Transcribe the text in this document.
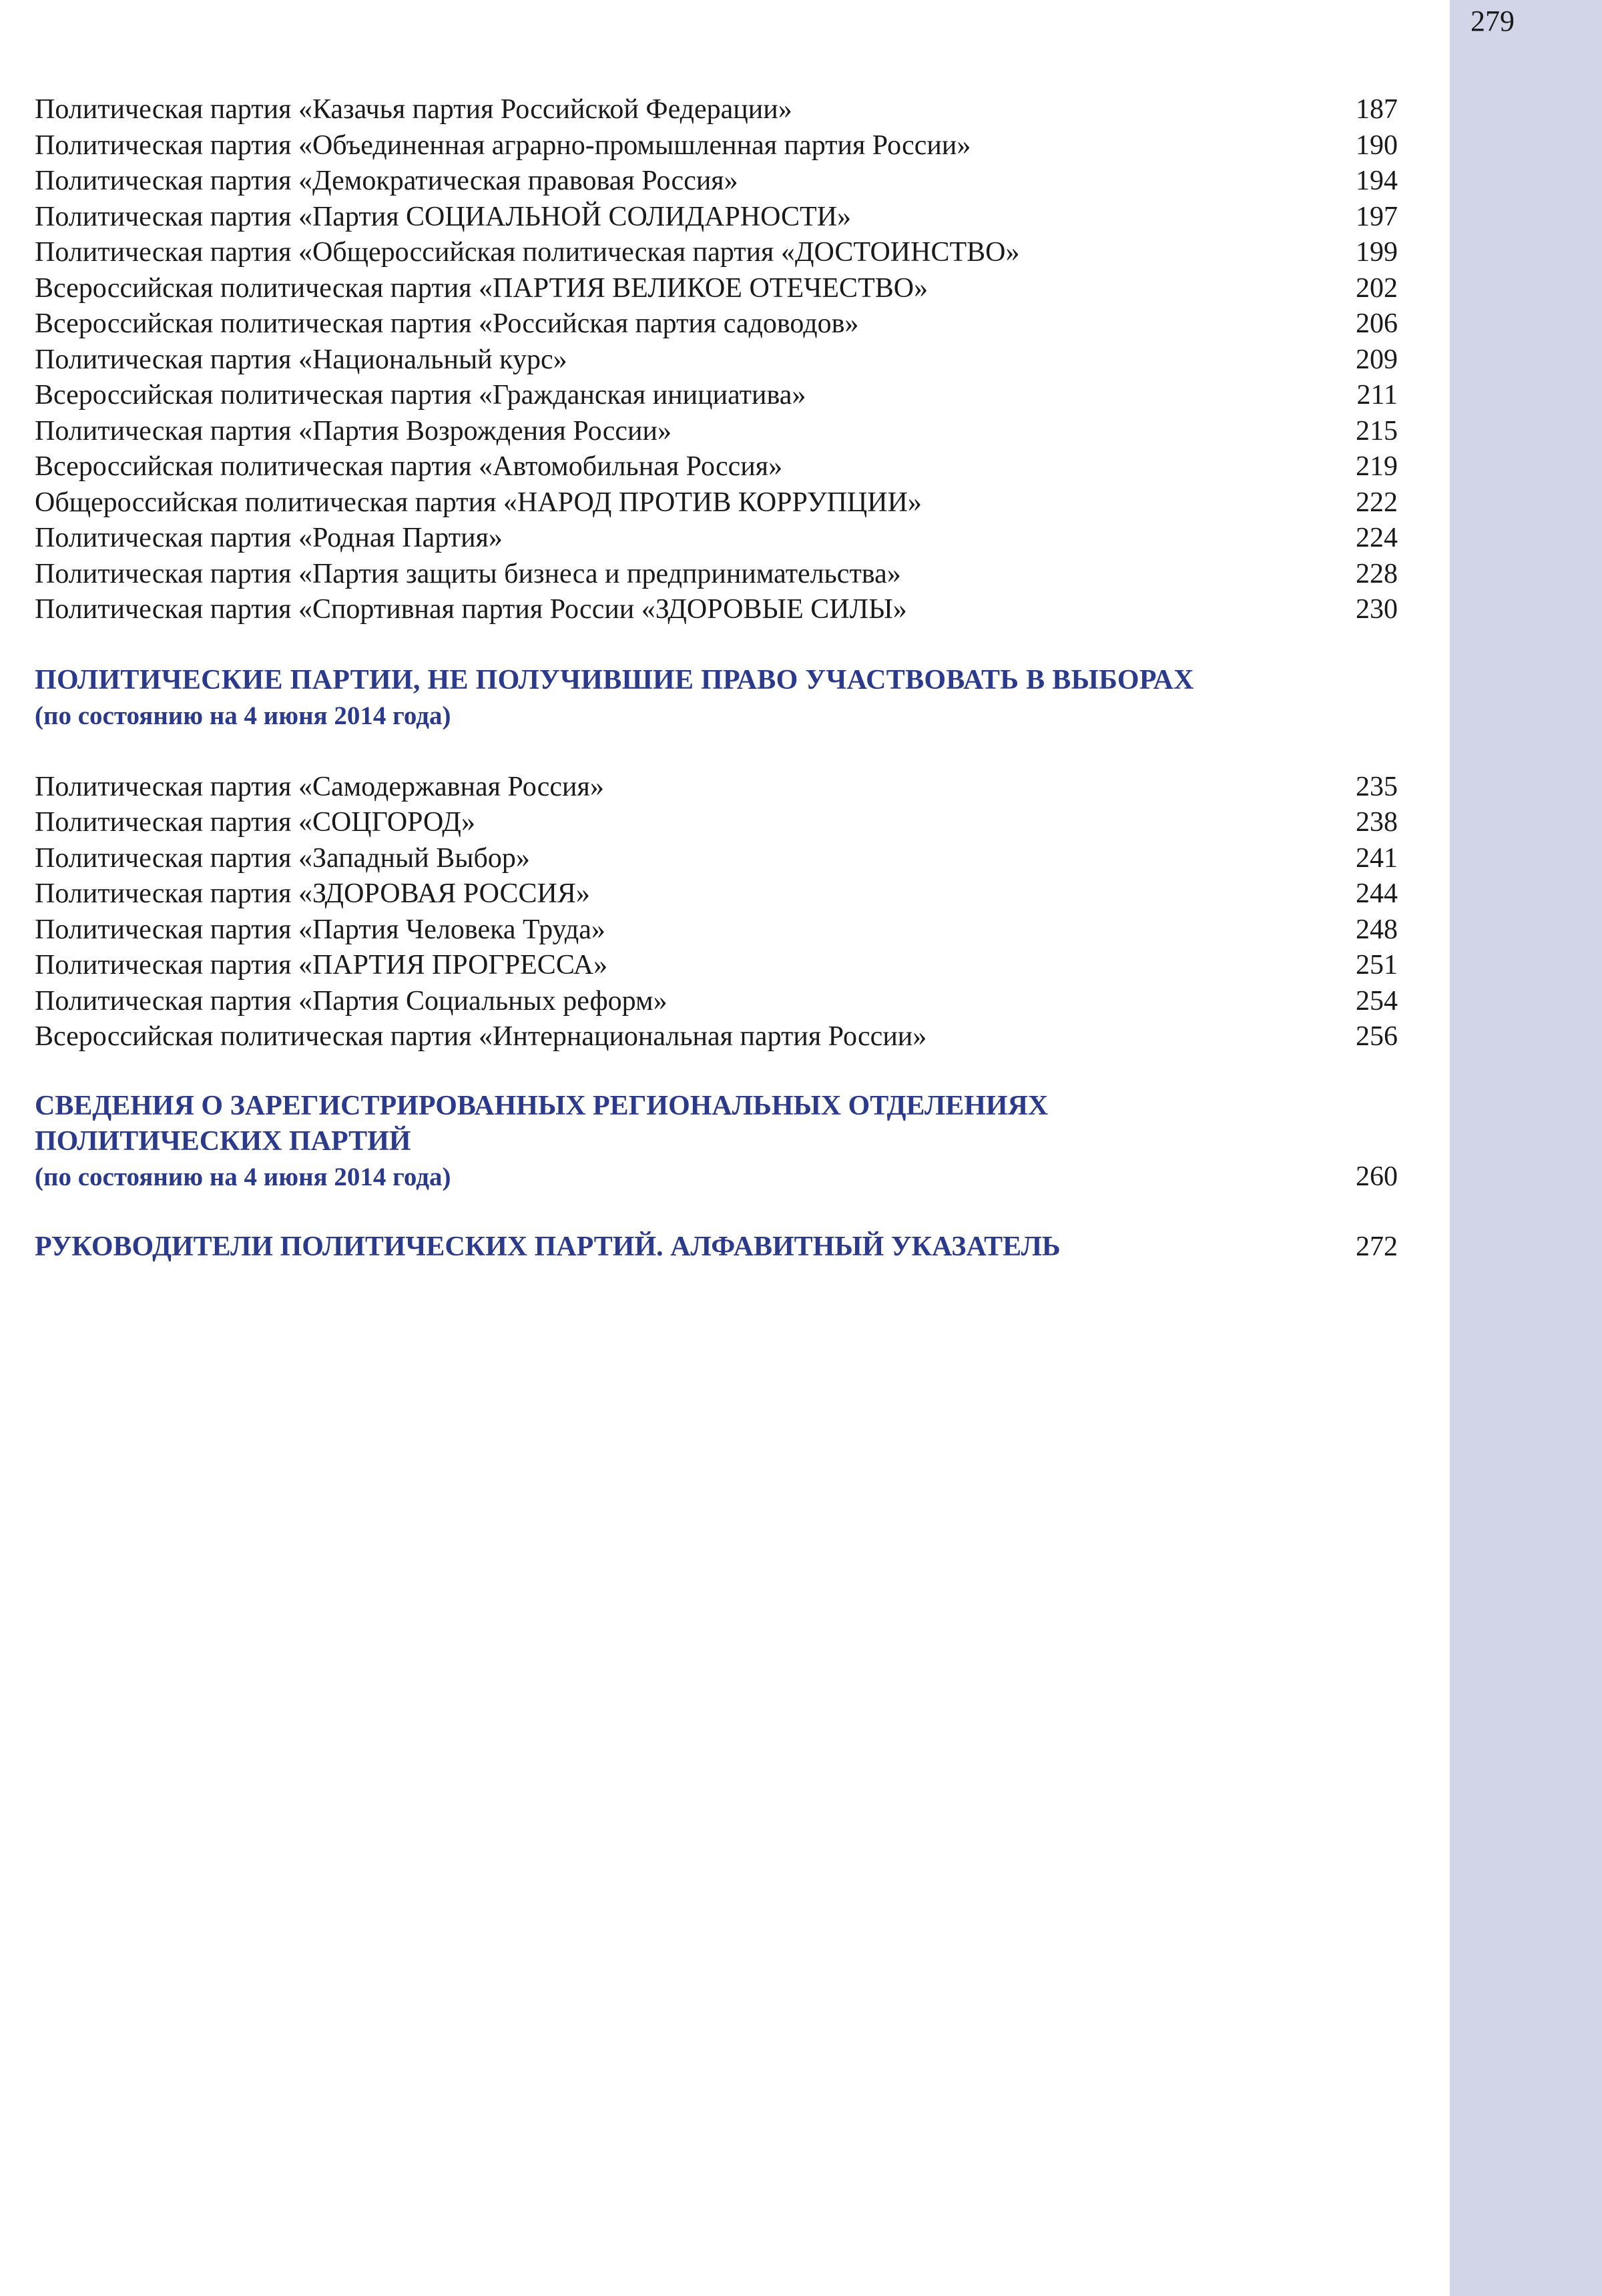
279
Политическая партия «Казачья партия Российской Федерации»	187
Политическая партия «Объединенная аграрно-промышленная партия России»	190
Политическая партия «Демократическая правовая Россия»	194
Политическая партия «Партия СОЦИАЛЬНОЙ СОЛИДАРНОСТИ»	197
Политическая партия «Общероссийская политическая партия «ДОСТОИНСТВО»	199
Всероссийская политическая партия «ПАРТИЯ ВЕЛИКОЕ ОТЕЧЕСТВО»	202
Всероссийская политическая партия «Российская партия садоводов»	206
Политическая партия «Национальный курс»	209
Всероссийская политическая партия «Гражданская инициатива»	211
Политическая партия «Партия Возрождения России»	215
Всероссийская политическая партия «Автомобильная Россия»	219
Общероссийская политическая партия «НАРОД ПРОТИВ КОРРУПЦИИ»	222
Политическая партия «Родная Партия»	224
Политическая партия «Партия защиты бизнеса и предпринимательства»	228
Политическая партия «Спортивная партия России «ЗДОРОВЫЕ СИЛЫ»	230
ПОЛИТИЧЕСКИЕ ПАРТИИ, НЕ ПОЛУЧИВШИЕ ПРАВО УЧАСТВОВАТЬ В ВЫБОРАХ
(по состоянию на 4 июня 2014 года)
Политическая партия «Самодержавная Россия»	235
Политическая партия «СОЦГОРОД»	238
Политическая партия «Западный Выбор»	241
Политическая партия «ЗДОРОВАЯ РОССИЯ»	244
Политическая партия «Партия Человека Труда»	248
Политическая партия «ПАРТИЯ ПРОГРЕССА»	251
Политическая партия «Партия Социальных реформ»	254
Всероссийская политическая партия «Интернациональная партия России»	256
СВЕДЕНИЯ О ЗАРЕГИСТРИРОВАННЫХ РЕГИОНАЛЬНЫХ ОТДЕЛЕНИЯХ
ПОЛИТИЧЕСКИХ ПАРТИЙ
(по состоянию на 4 июня 2014 года)	260
РУКОВОДИТЕЛИ ПОЛИТИЧЕСКИХ ПАРТИЙ. АЛФАВИТНЫЙ УКАЗАТЕЛЬ	272
